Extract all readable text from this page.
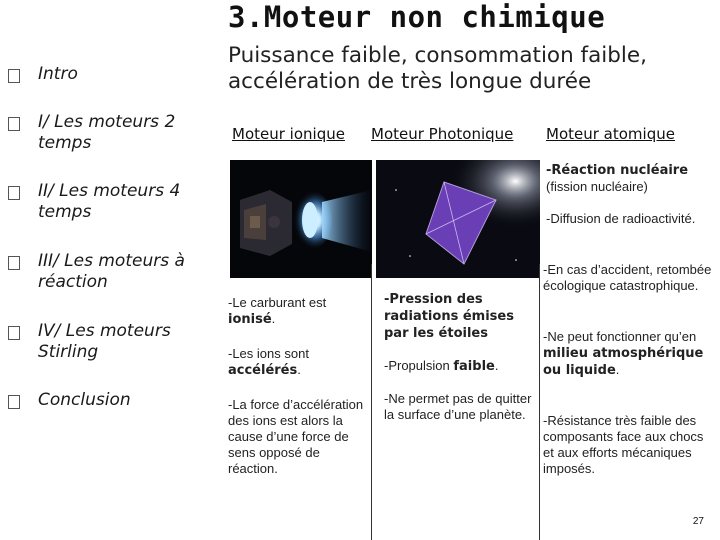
3.Moteur non chimique
Puissance faible, consommation faible, accélération de très longue durée
Intro
I/ Les moteurs 2 temps
II/ Les moteurs 4 temps
III/ Les moteurs à réaction
IV/ Les moteurs Stirling
Conclusion
Moteur ionique Moteur Photonique Moteur atomique
-Le carburant est ionisé.
-Les ions sont accélérés.
-La force d’accélération des ions est alors la cause d’une force de sens opposé de réaction.
-Pression des radiations émises par les étoiles
-Propulsion faible.
-Ne permet pas de quitter la surface d’une planète.
-Réaction nucléaire (fission nucléaire)
-Diffusion de radioactivité.
-En cas d’accident, retombée écologique catastrophique.
-Ne peut fonctionner qu’en milieu atmosphérique ou liquide.
-Résistance très faible des composants face aux chocs et aux efforts mécaniques imposés.
27
